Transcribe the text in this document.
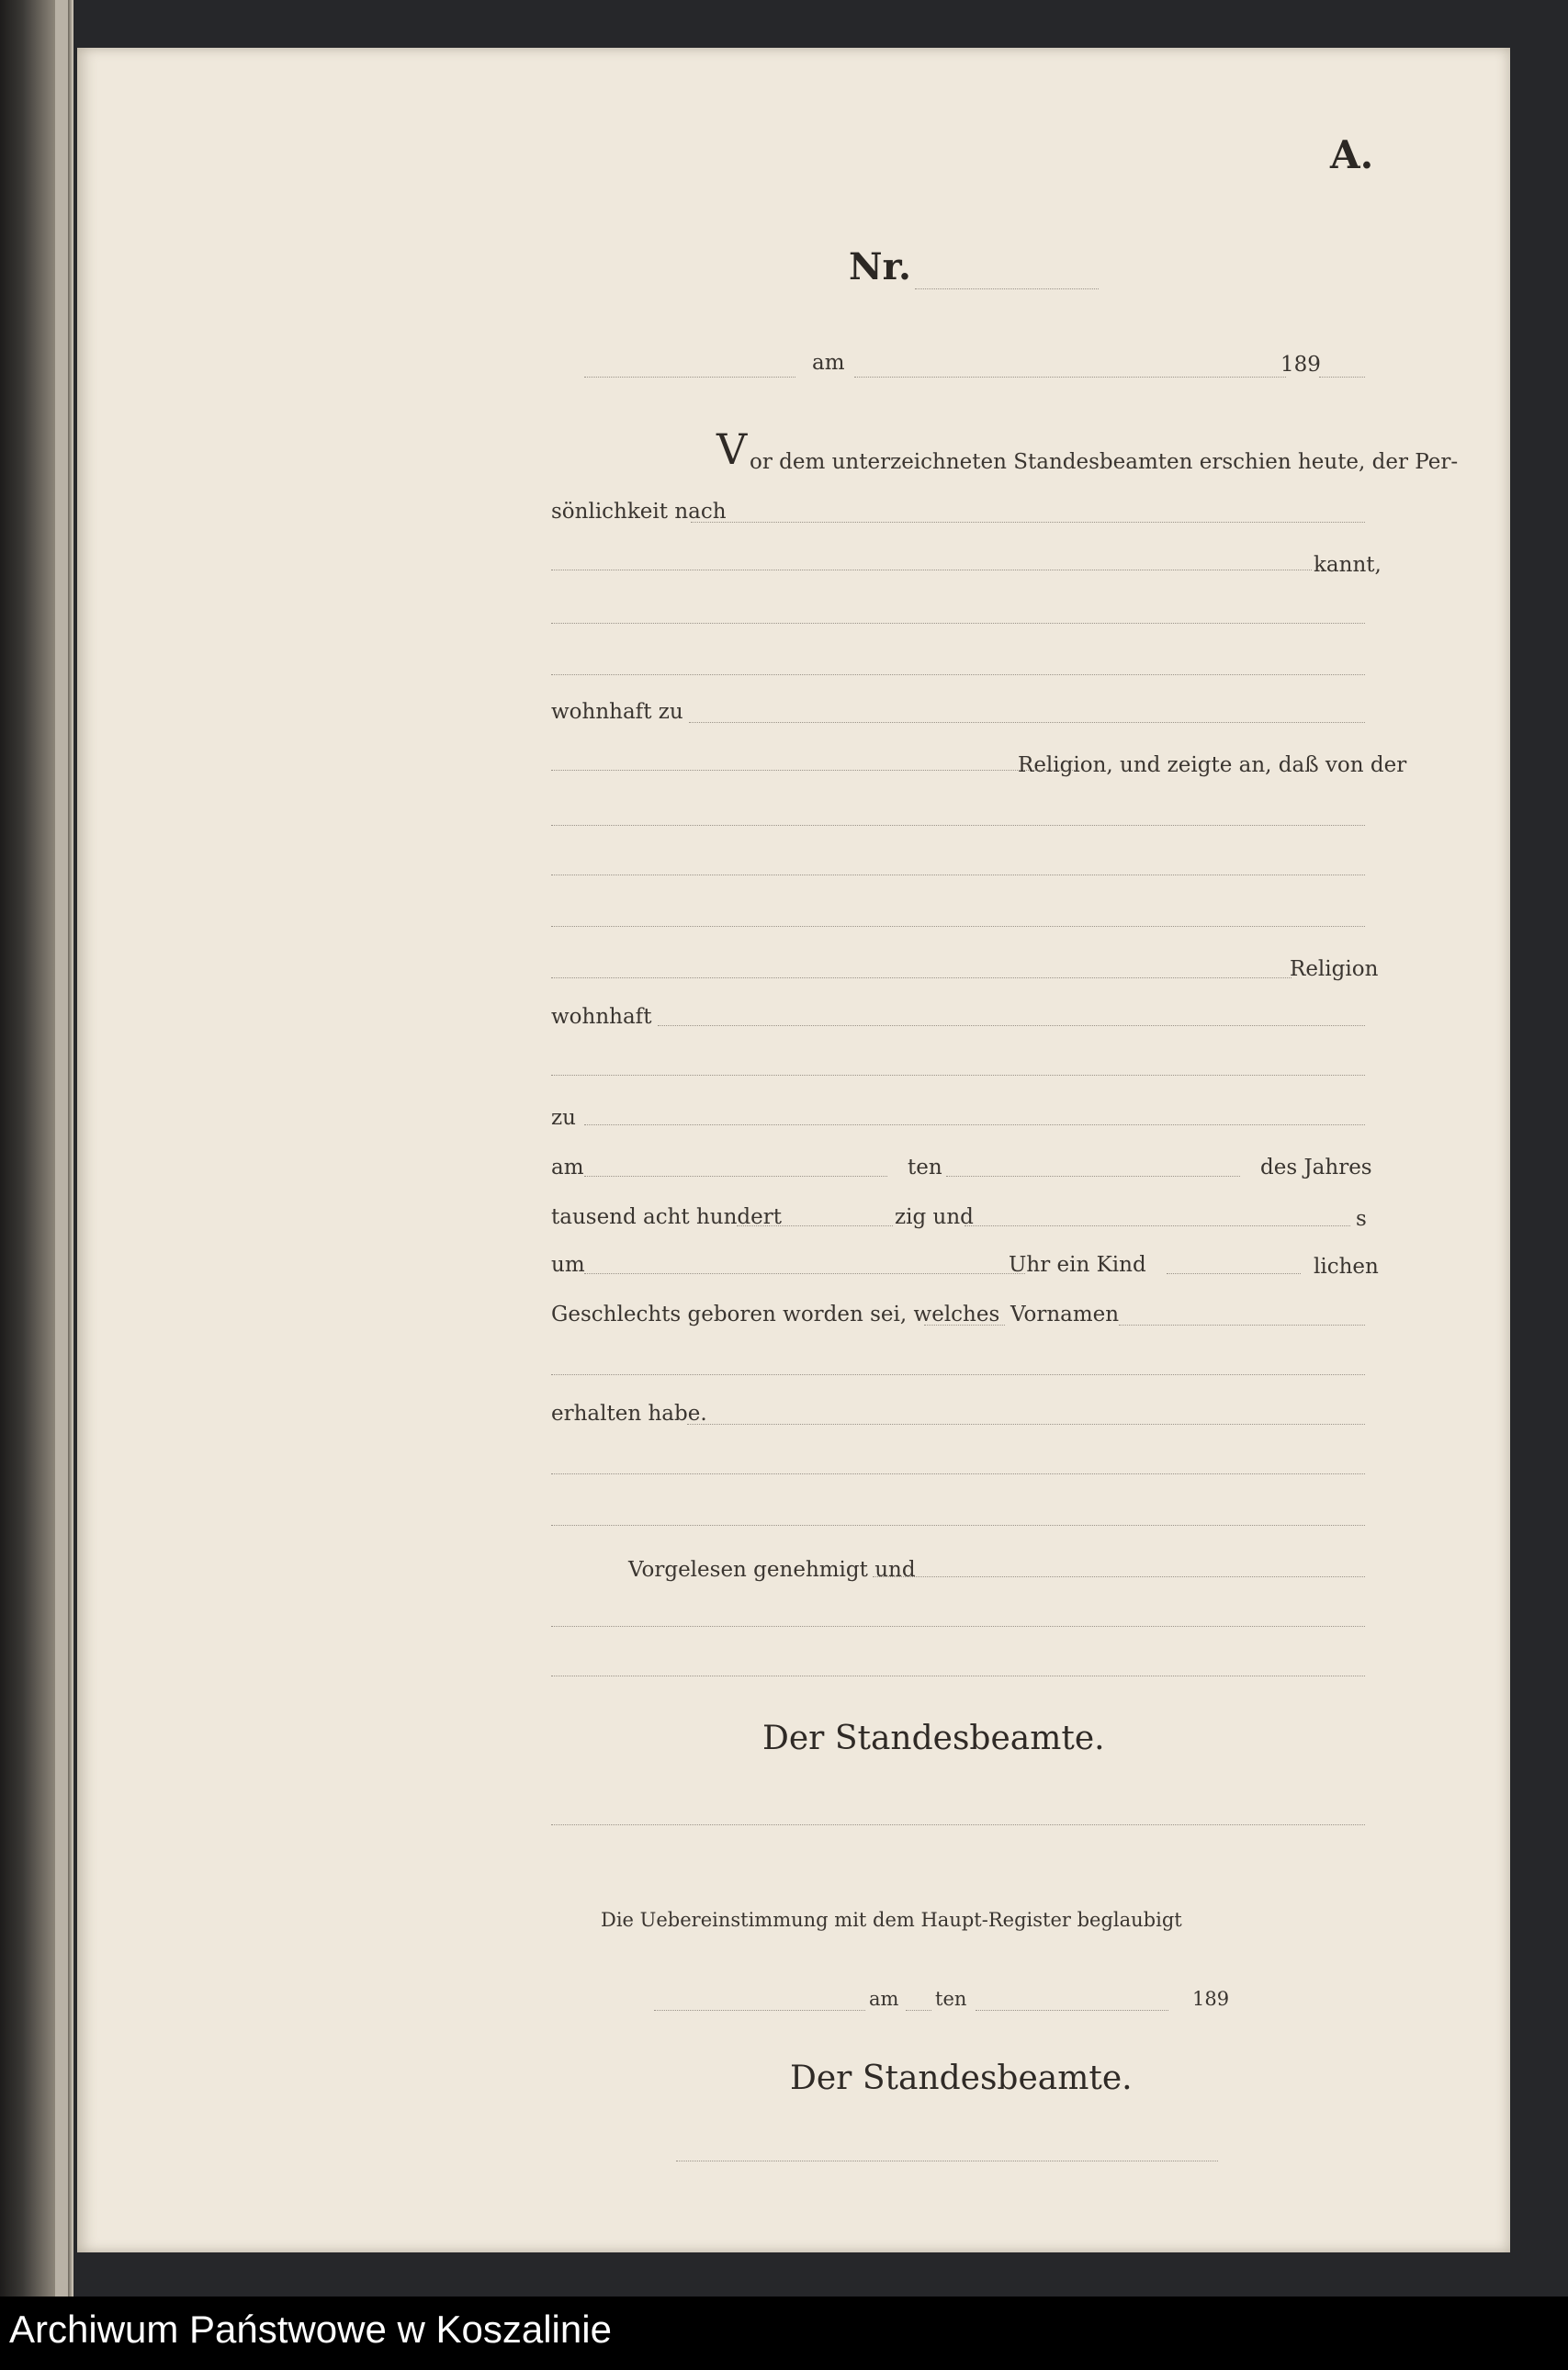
A.
Nr.
am	189
V or dem unterzeichneten Standesbeamten erschien heute, der Per-
sönlichkeit nach
kannt,
wohnhaft zu
Religion, und zeigte an, daß von der
Religion
wohnhaft
zu
am	ten	des Jahres
tausend acht hundert	zig und	s
um	Uhr ein Kind	lichen
Geschlechts geboren worden sei, welches Vornamen
erhalten habe.
Vorgelesen genehmigt und
Der Standesbeamte.
Die Uebereinstimmung mit dem Haupt-Register beglaubigt
am ten	189
Der Standesbeamte.
Archiwum Państwowe w Koszalinie
